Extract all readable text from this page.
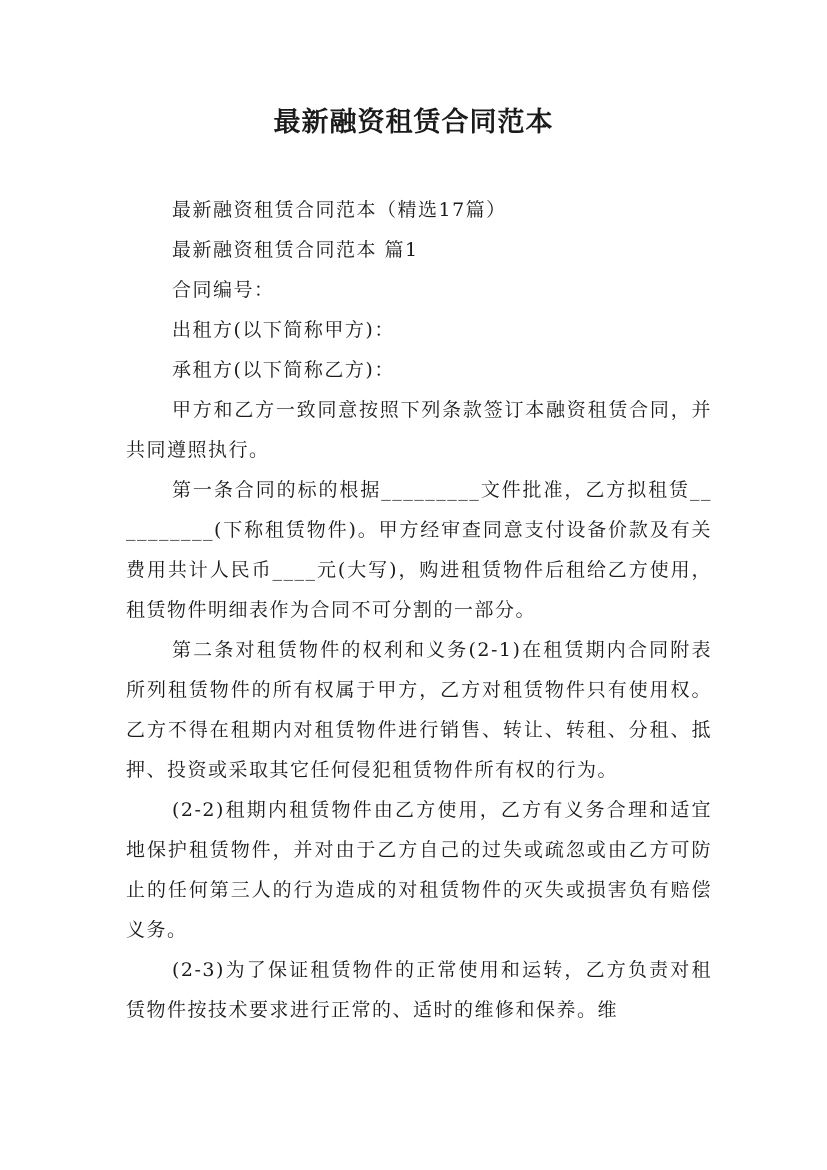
最新融资租赁合同范本

最新融资租赁合同范本（精选17篇）

最新融资租赁合同范本 篇1

合同编号：

出租方(以下简称甲方)：

承租方(以下简称乙方)：

甲方和乙方一致同意按照下列条款签订本融资租赁合同，并共同遵照执行。

第一条合同的标的根据_________文件批准，乙方拟租赁__________(下称租赁物件)。甲方经审查同意支付设备价款及有关费用共计人民币____元(大写)，购进租赁物件后租给乙方使用，租赁物件明细表作为合同不可分割的一部分。

第二条对租赁物件的权利和义务(2-1)在租赁期内合同附表所列租赁物件的所有权属于甲方，乙方对租赁物件只有使用权。乙方不得在租期内对租赁物件进行销售、转让、转租、分租、抵押、投资或采取其它任何侵犯租赁物件所有权的行为。

(2-2)租期内租赁物件由乙方使用，乙方有义务合理和适宜地保护租赁物件，并对由于乙方自己的过失或疏忽或由乙方可防止的任何第三人的行为造成的对租赁物件的灭失或损害负有赔偿义务。

(2-3)为了保证租赁物件的正常使用和运转，乙方负责对租赁物件按技术要求进行正常的、适时的维修和保养。维
